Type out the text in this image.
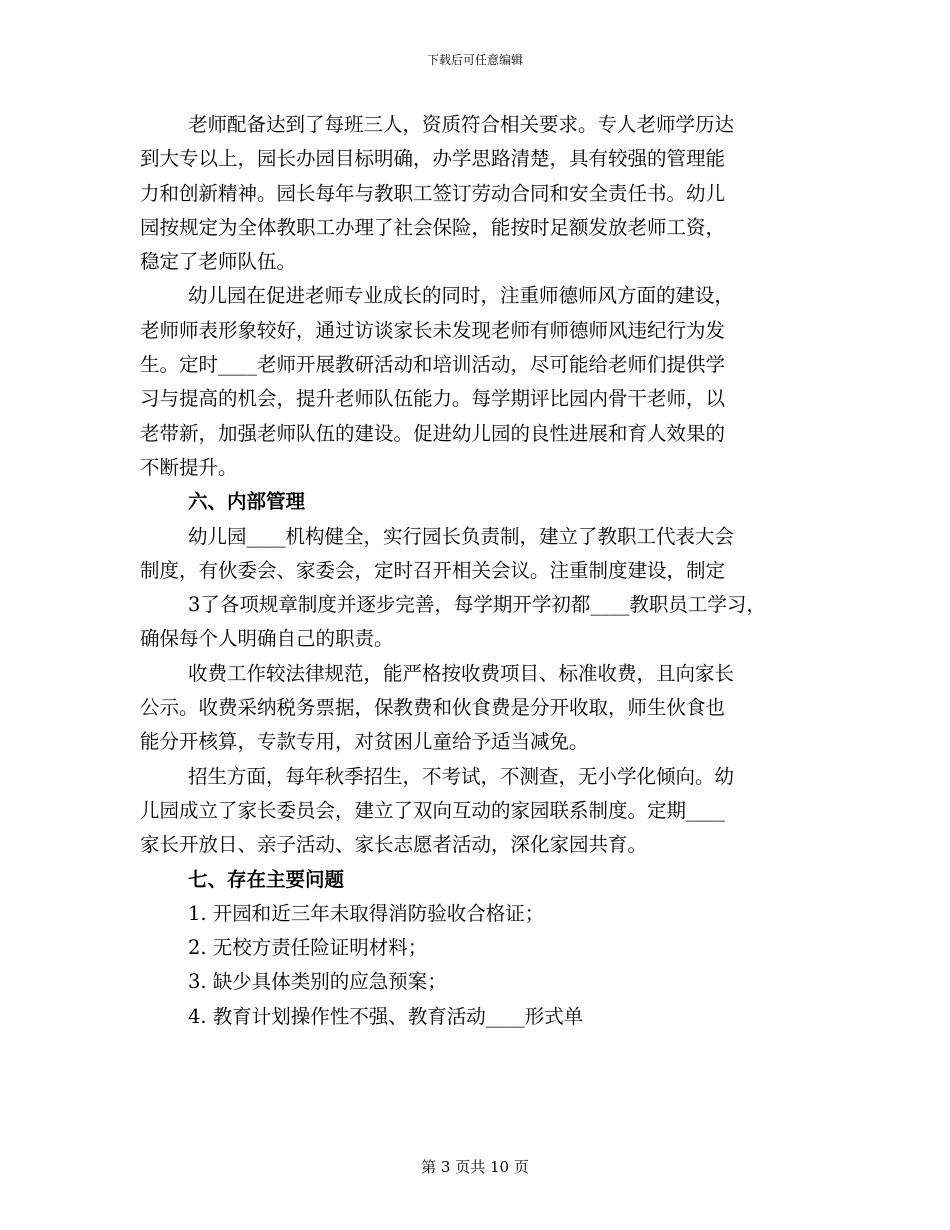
下载后可任意编辑
老师配备达到了每班三人，资质符合相关要求。专人老师学历达
到大专以上，园长办园目标明确，办学思路清楚，具有较强的管理能
力和创新精神。园长每年与教职工签订劳动合同和安全责任书。幼儿
园按规定为全体教职工办理了社会保险，能按时足额发放老师工资，
稳定了老师队伍。
幼儿园在促进老师专业成长的同时，注重师德师风方面的建设，
老师师表形象较好，通过访谈家长未发现老师有师德师风违纪行为发
生。定时____老师开展教研活动和培训活动，尽可能给老师们提供学
习与提高的机会，提升老师队伍能力。每学期评比园内骨干老师，以
老带新，加强老师队伍的建设。促进幼儿园的良性进展和育人效果的
不断提升。
六、内部管理
幼儿园____机构健全，实行园长负责制，建立了教职工代表大会
制度，有伙委会、家委会，定时召开相关会议。注重制度建设，制定
3了各项规章制度并逐步完善，每学期开学初都____教职员工学习，
确保每个人明确自己的职责。
收费工作较法律规范，能严格按收费项目、标准收费，且向家长
公示。收费采纳税务票据，保教费和伙食费是分开收取，师生伙食也
能分开核算，专款专用，对贫困儿童给予适当减免。
招生方面，每年秋季招生，不考试，不测查，无小学化倾向。幼
儿园成立了家长委员会，建立了双向互动的家园联系制度。定期____
家长开放日、亲子活动、家长志愿者活动，深化家园共育。
七、存在主要问题
1. 开园和近三年未取得消防验收合格证；
2. 无校方责任险证明材料；
3. 缺少具体类别的应急预案；
4. 教育计划操作性不强、教育活动____形式单
第 3 页共 10 页
